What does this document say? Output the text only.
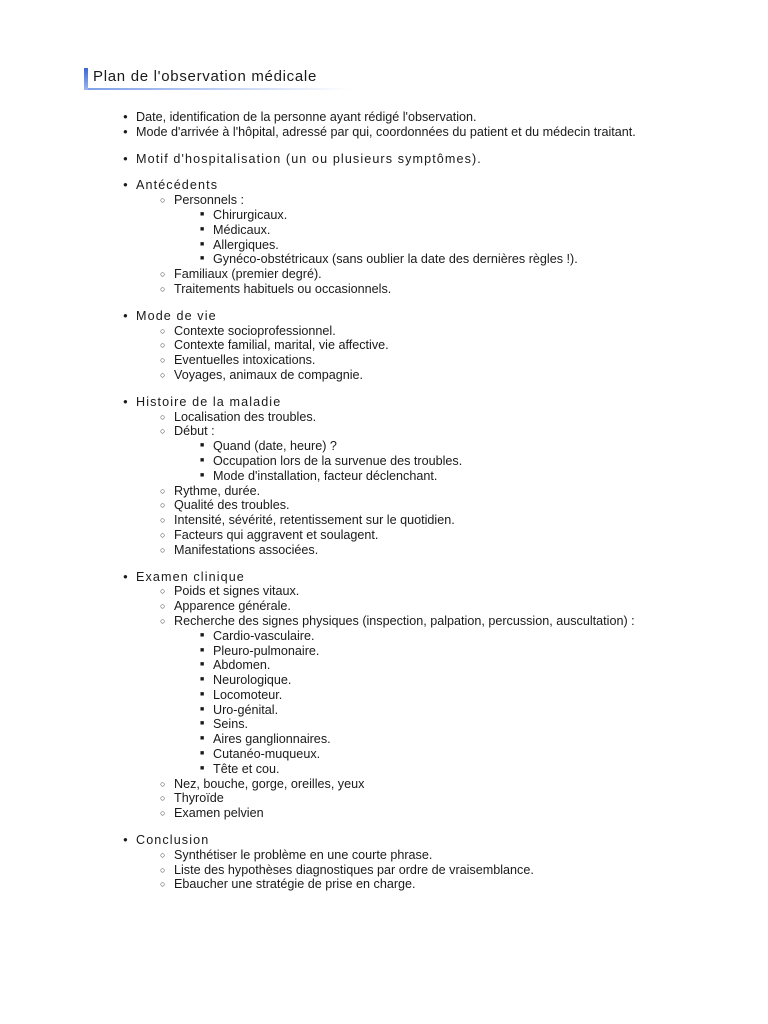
Plan de l'observation médicale
● Date, identification de la personne ayant rédigé l'observation.
● Mode d'arrivée à l'hôpital, adressé par qui, coordonnées du patient et du médecin traitant.
● Motif d'hospitalisation (un ou plusieurs symptômes).
● Antécédents
○ Personnels :
■ Chirurgicaux.
■ Médicaux.
■ Allergiques.
■ Gynéco-obstétricaux (sans oublier la date des dernières règles !).
○ Familiaux (premier degré).
○ Traitements habituels ou occasionnels.
● Mode de vie
○ Contexte socioprofessionnel.
○ Contexte familial, marital, vie affective.
○ Eventuelles intoxications.
○ Voyages, animaux de compagnie.
● Histoire de la maladie
○ Localisation des troubles.
○ Début :
■ Quand (date, heure) ?
■ Occupation lors de la survenue des troubles.
■ Mode d'installation, facteur déclenchant.
○ Rythme, durée.
○ Qualité des troubles.
○ Intensité, sévérité, retentissement sur le quotidien.
○ Facteurs qui aggravent et soulagent.
○ Manifestations associées.
● Examen clinique
○ Poids et signes vitaux.
○ Apparence générale.
○ Recherche des signes physiques (inspection, palpation, percussion, auscultation) :
■ Cardio-vasculaire.
■ Pleuro-pulmonaire.
■ Abdomen.
■ Neurologique.
■ Locomoteur.
■ Uro-génital.
■ Seins.
■ Aires ganglionnaires.
■ Cutanéo-muqueux.
■ Tête et cou.
○ Nez, bouche, gorge, oreilles, yeux
○ Thyroïde
○ Examen pelvien
● Conclusion
○ Synthétiser le problème en une courte phrase.
○ Liste des hypothèses diagnostiques par ordre de vraisemblance.
○ Ebaucher une stratégie de prise en charge.
